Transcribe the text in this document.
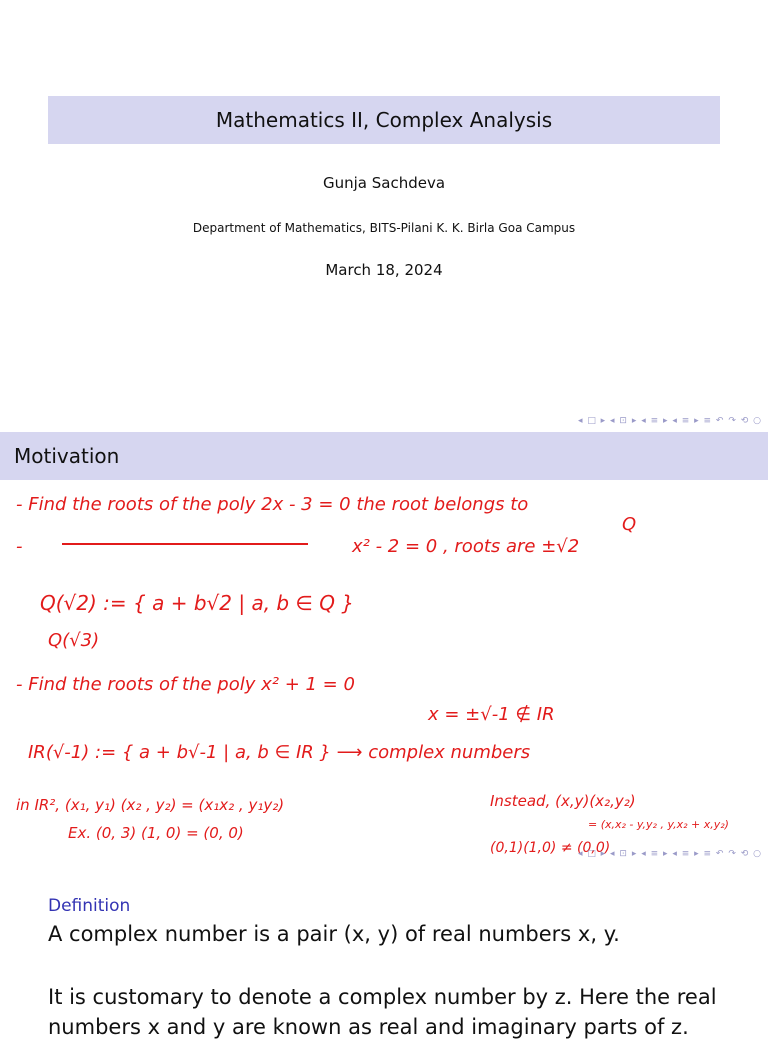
Mathematics II, Complex Analysis
Gunja Sachdeva
Department of Mathematics, BITS-Pilani K. K. Birla Goa Campus
March 18, 2024
◂ □ ▸ ◂ ⊡ ▸ ◂ ≡ ▸ ◂ ≡ ▸ ≡ ↶ ↷ ⟲ ○
Motivation
- Find the roots of the poly 2x - 3 = 0 the root belongs to
Q
-	x² - 2 = 0 , roots are ±√2
Q(√2) := { a + b√2 | a, b ∈ Q }
Q(√3)
- Find the roots of the poly x² + 1 = 0
x = ±√-1 ∉ IR
IR(√-1) := { a + b√-1 | a, b ∈ IR } ⟶ complex numbers
in IR², (x₁, y₁) (x₂ , y₂) = (x₁x₂ , y₁y₂)	Instead, (x,y)(x₂,y₂)
Ex. (0, 3) (1, 0) = (0, 0)	= (x,x₂ - y,y₂ , y,x₂ + x,y₂)
(0,1)(1,0) ≠ (0,0)
◂ □ ▸ ◂ ⊡ ▸ ◂ ≡ ▸ ◂ ≡ ▸ ≡ ↶ ↷ ⟲ ○
Definition
A complex number is a pair (x, y) of real numbers x, y.
It is customary to denote a complex number by z. Here the real numbers x and y are known as real and imaginary parts of z.
